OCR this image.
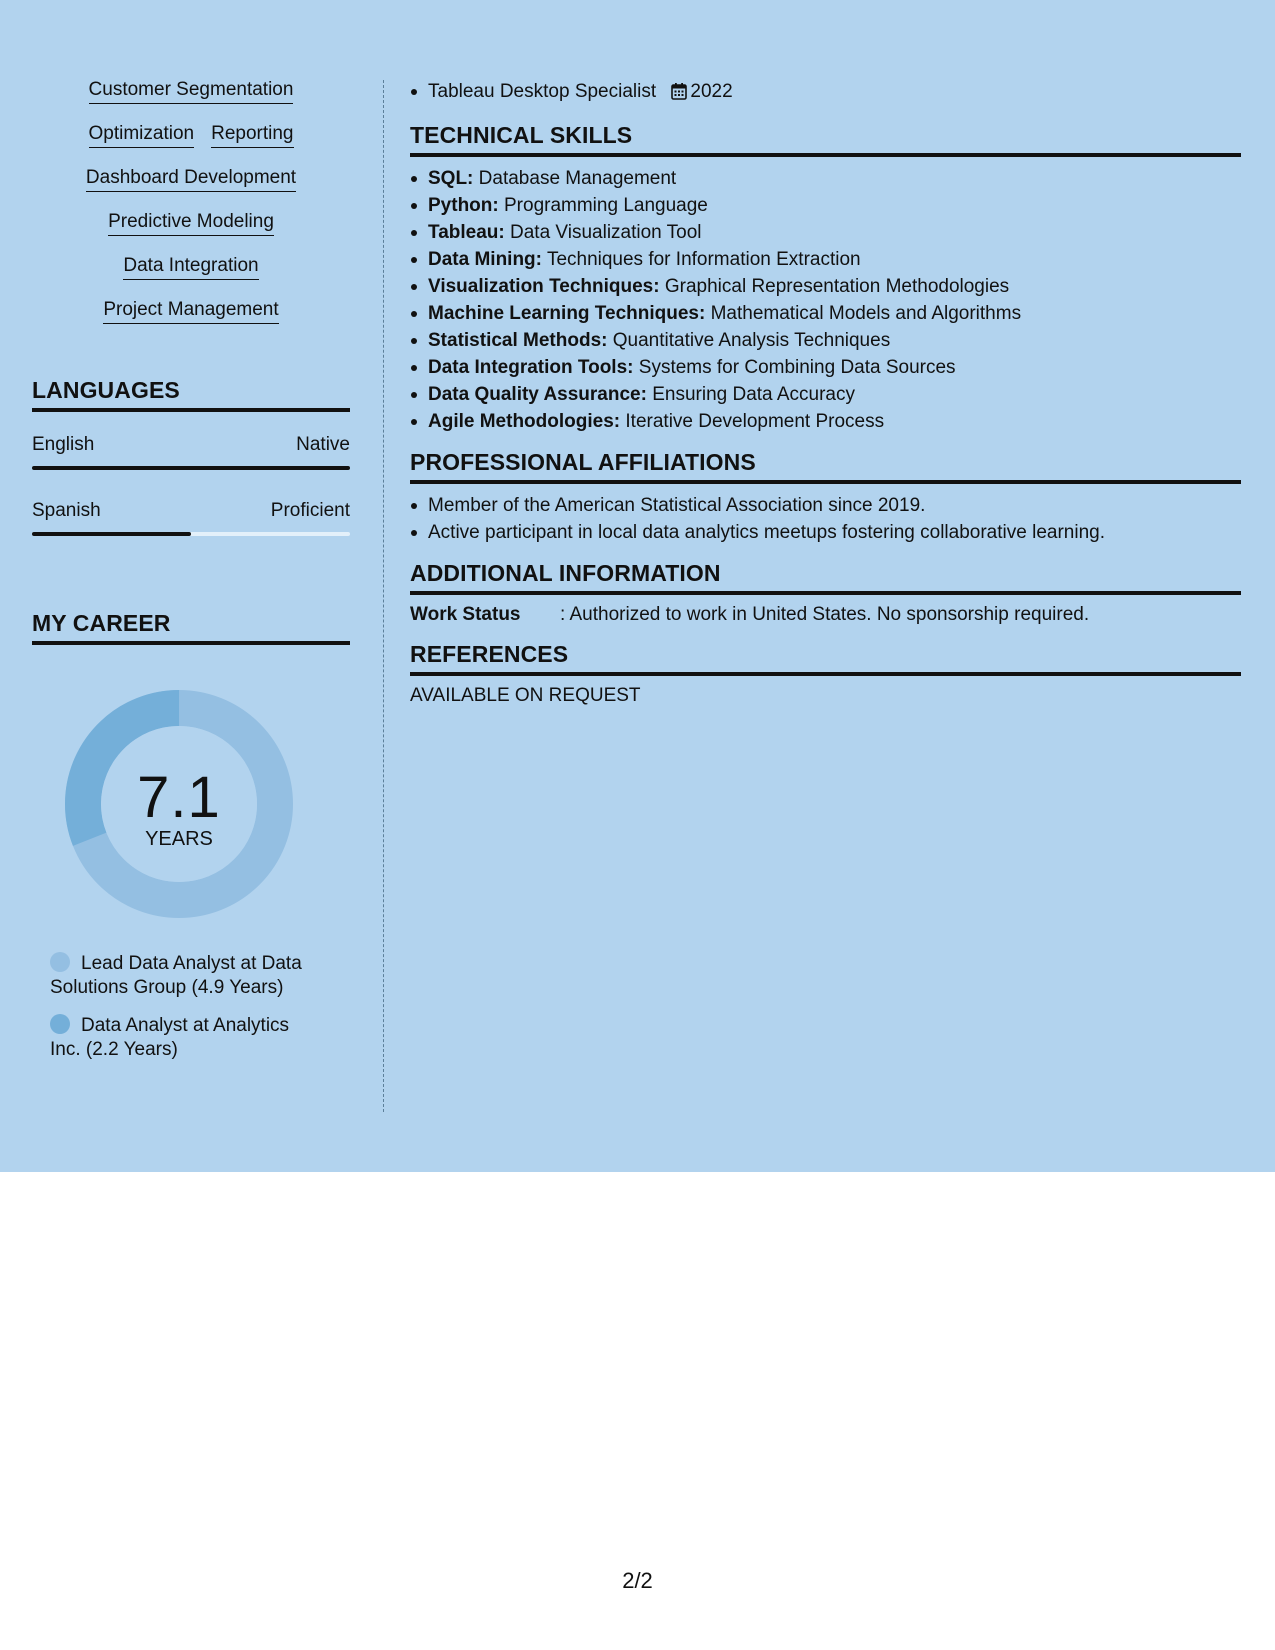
Customer Segmentation
Optimization Reporting
Dashboard Development
Predictive Modeling
Data Integration
Project Management
LANGUAGES
English	Native
Spanish	Proficient
MY CAREER
7.1
YEARS
Lead Data Analyst at Data Solutions Group (4.9 Years)
Data Analyst at Analytics Inc. (2.2 Years)
Tableau Desktop Specialist 2022
TECHNICAL SKILLS
SQL: Database Management
Python: Programming Language
Tableau: Data Visualization Tool
Data Mining: Techniques for Information Extraction
Visualization Techniques: Graphical Representation Methodologies
Machine Learning Techniques: Mathematical Models and Algorithms
Statistical Methods: Quantitative Analysis Techniques
Data Integration Tools: Systems for Combining Data Sources
Data Quality Assurance: Ensuring Data Accuracy
Agile Methodologies: Iterative Development Process
PROFESSIONAL AFFILIATIONS
Member of the American Statistical Association since 2019.
Active participant in local data analytics meetups fostering collaborative learning.
ADDITIONAL INFORMATION
Work Status	: Authorized to work in United States. No sponsorship required.
REFERENCES
AVAILABLE ON REQUEST
2/2
